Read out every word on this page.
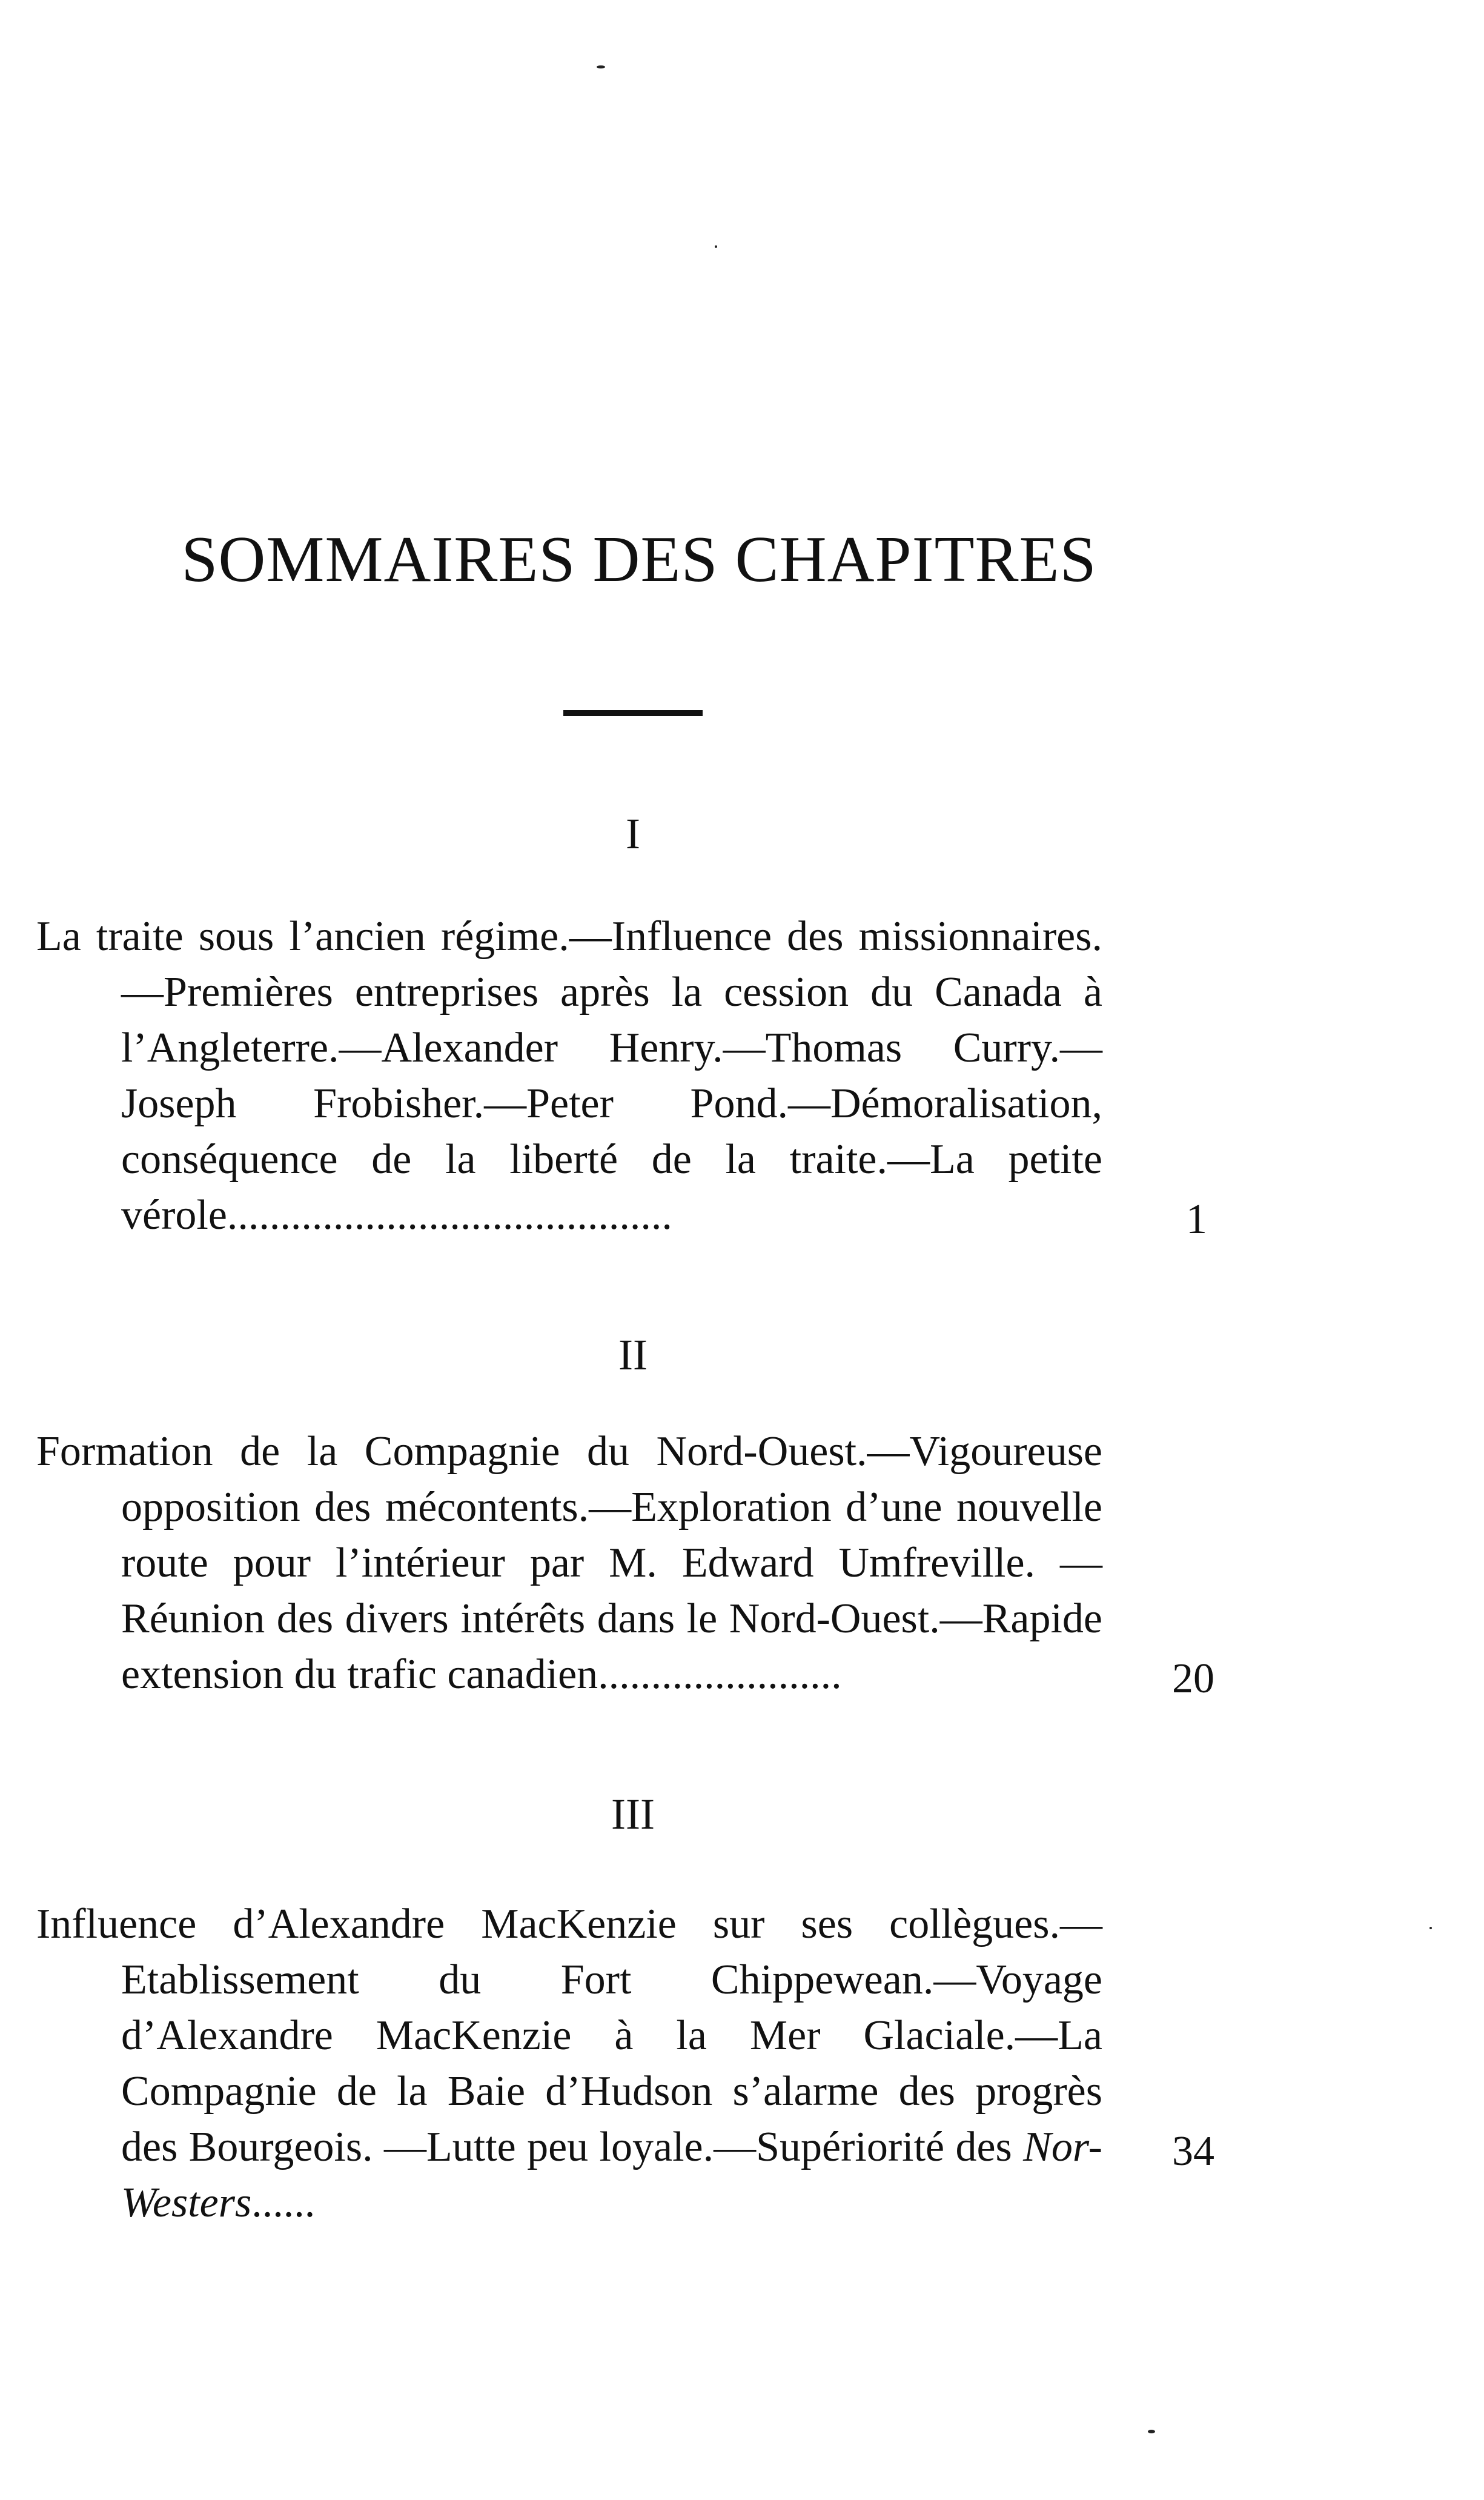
SOMMAIRES DES CHAPITRES
I

La traite sous l’ancien régime.—Influence des missionnaires.—Premières entreprises après la cession du Canada à l’Angleterre.—Alexander Henry.—Thomas Curry.—Joseph Frobisher.—Peter Pond.—Démoralisation, conséquence de la liberté de la traite.—La petite vérole..........................................	1
II

Formation de la Compagnie du Nord-Ouest.—Vigoureuse opposition des mécontents.—Exploration d’une nouvelle route pour l’intérieur par M. Edward Umfreville. —Réunion des divers intérêts dans le Nord-Ouest.—Rapide extension du trafic canadien.......................	20
III

Influence d’Alexandre MacKenzie sur ses collègues.—Etablissement du Fort Chippewean.—Voyage d’Alexandre MacKenzie à la Mer Glaciale.—La Compagnie de la Baie d’Hudson s’alarme des progrès des Bourgeois. —Lutte peu loyale.—Supériorité des Nor-Westers......

34
